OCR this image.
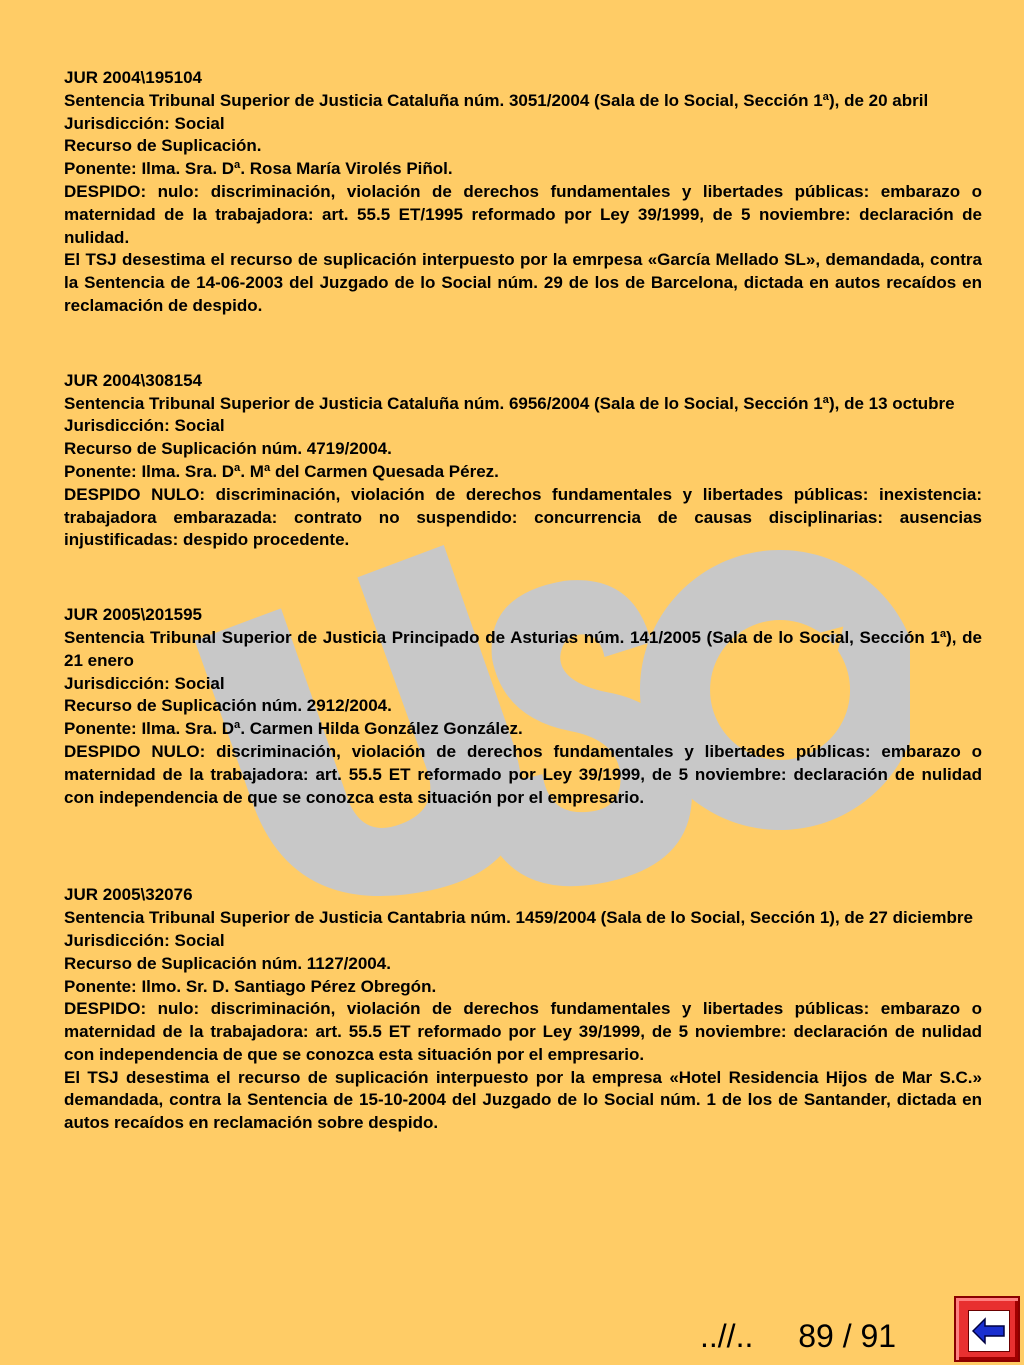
JUR 2004\195104

Sentencia Tribunal Superior de Justicia Cataluña núm. 3051/2004 (Sala de lo Social, Sección 1ª), de 20 abril

Jurisdicción: Social

Recurso de Suplicación.

Ponente: Ilma. Sra. Dª. Rosa María Virolés Piñol.

DESPIDO: nulo: discriminación, violación de derechos fundamentales y libertades públicas: embarazo o maternidad de la trabajadora: art. 55.5 ET/1995 reformado por Ley 39/1999, de 5 noviembre: declaración de nulidad.

El TSJ desestima el recurso de suplicación interpuesto por la emrpesa «García Mellado SL», demandada, contra la Sentencia de 14-06-2003 del Juzgado de lo Social núm. 29 de los de Barcelona, dictada en autos recaídos en reclamación de despido.

JUR 2004\308154

Sentencia Tribunal Superior de Justicia Cataluña núm. 6956/2004 (Sala de lo Social, Sección 1ª), de 13 octubre

Jurisdicción: Social

Recurso de Suplicación núm. 4719/2004.

Ponente: Ilma. Sra. Dª. Mª del Carmen Quesada Pérez.

DESPIDO NULO: discriminación, violación de derechos fundamentales y libertades públicas: inexistencia: trabajadora embarazada: contrato no suspendido: concurrencia de causas disciplinarias: ausencias injustificadas: despido procedente.

JUR 2005\201595

Sentencia Tribunal Superior de Justicia Principado de Asturias núm. 141/2005 (Sala de lo Social, Sección 1ª), de 21 enero

Jurisdicción: Social

Recurso de Suplicación núm. 2912/2004.

Ponente: Ilma. Sra. Dª. Carmen Hilda González González.

DESPIDO NULO: discriminación, violación de derechos fundamentales y libertades públicas: embarazo o maternidad de la trabajadora: art. 55.5 ET reformado por Ley 39/1999, de 5 noviembre: declaración de nulidad con independencia de que se conozca esta situación por el empresario.

JUR 2005\32076

Sentencia Tribunal Superior de Justicia Cantabria núm. 1459/2004 (Sala de lo Social, Sección 1), de 27 diciembre

Jurisdicción: Social

Recurso de Suplicación núm. 1127/2004.

Ponente: Ilmo. Sr. D. Santiago Pérez Obregón.

DESPIDO: nulo: discriminación, violación de derechos fundamentales y libertades públicas: embarazo o maternidad de la trabajadora: art. 55.5 ET reformado por Ley 39/1999, de 5 noviembre: declaración de nulidad con independencia de que se conozca esta situación por el empresario.

El TSJ desestima el recurso de suplicación interpuesto por la empresa «Hotel Residencia Hijos de Mar S.C.» demandada, contra la Sentencia de 15-10-2004 del Juzgado de lo Social núm. 1 de los de Santander, dictada en autos recaídos en reclamación sobre despido.

..//.. 89 / 91
